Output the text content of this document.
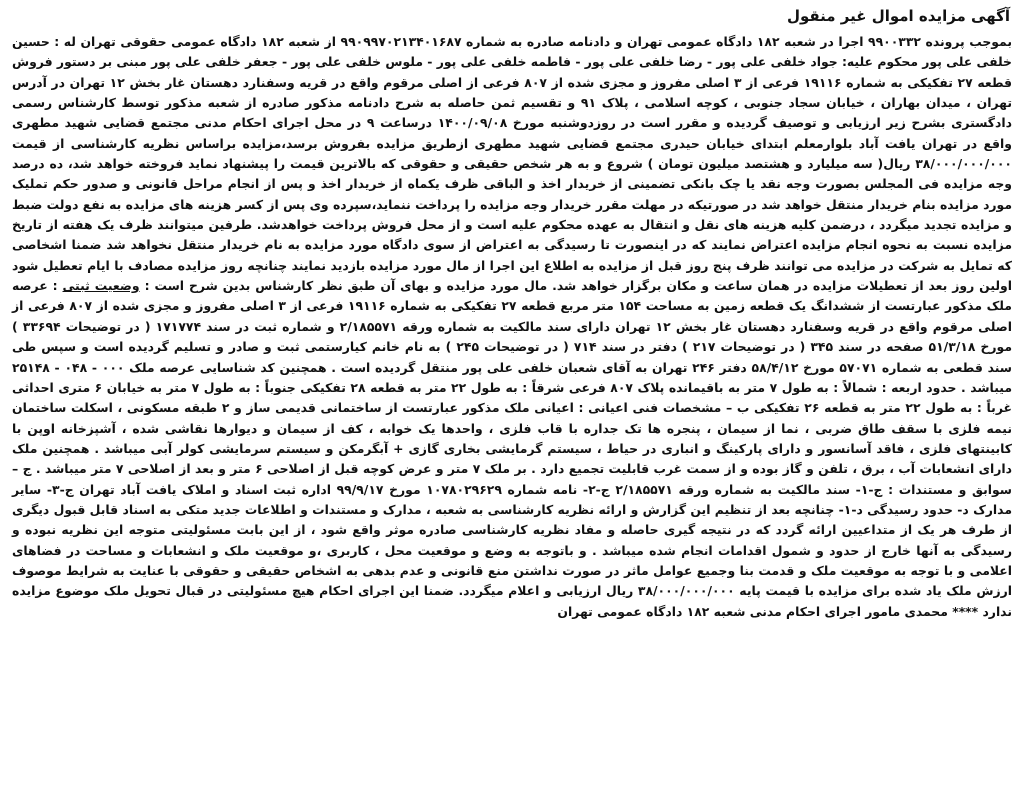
آگهی مزایده اموال غیر منقول

بموجب پرونده ۹۹۰۰۳۳۲ اجرا در شعبه ۱۸۲ دادگاه عمومی تهران و دادنامه صادره به شماره ۹۹۰۹۹۷۰۲۱۳۴۰۱۶۸۷ از شعبه ۱۸۲ دادگاه عمومی حقوقی تهران له : حسین خلفی علی پور محکوم علیه: جواد خلفی علی پور - رضا خلفی علی پور - فاطمه خلفی علی پور - ملوس خلفی علی پور - جعفر خلفی علی پور مبنی بر دستور فروش قطعه ۲۷ تفکیکی به شماره ۱۹۱۱۶ فرعی از ۳ اصلی مفروز و مجزی شده از ۸۰۷ فرعی از اصلی مرقوم واقع در قریه وسفنارد دهستان غار بخش ۱۲ تهران در آدرس تهران ، میدان بهاران ، خیابان سجاد جنوبی ، کوچه اسلامی ، پلاک ۹۱ و تقسیم ثمن حاصله به شرح دادنامه مذکور صادره از شعبه مذکور توسط کارشناس رسمی دادگستری بشرح زیر ارزیابی و توصیف گردیده و مقرر است در روزدوشنبه مورخ ۱۴۰۰/۰۹/۰۸ درساعت ۹ در محل اجرای احکام مدنی مجتمع قضایی شهید مطهری واقع در تهران یافت آباد بلوارمعلم ابتدای خیابان حیدری مجتمع قضایی شهید مطهری ازطریق مزایده بفروش برسد،مزایده براساس نظریه کارشناسی از قیمت ۳۸/۰۰۰/۰۰۰/۰۰۰ ریال( سه میلیارد و هشتصد میلیون تومان ) شروع و به هر شخص حقیقی و حقوقی که بالاترین قیمت را پیشنهاد نماید فروخته خواهد شد، ده درصد وجه مزایده فی المجلس بصورت وجه نقد یا چک بانکی تضمینی از خریدار اخذ و الباقی ظرف یکماه از خریدار اخذ و پس از انجام مراحل قانونی و صدور حکم تملیک مورد مزایده بنام خریدار منتقل خواهد شد در صورتیکه در مهلت مقرر خریدار وجه مزایده را پرداخت ننماید،سپرده وی پس از کسر هزینه های مزایده به نفع دولت ضبط و مزایده تجدید میگردد ، درضمن کلیه هزینه های نقل و انتقال به عهده محکوم علیه است و از محل فروش پرداخت خواهدشد. طرفین میتوانند ظرف یک هفته از تاریخ مزایده نسبت به نحوه انجام مزایده اعتراض نمایند که در اینصورت تا رسیدگی به اعتراض از سوی دادگاه مورد مزایده به نام خریدار منتقل نخواهد شد ضمنا اشخاصی که تمایل به شرکت در مزایده می توانند ظرف پنج روز قبل از مزایده به اطلاع این اجرا از مال مورد مزایده بازدید نمایند چنانچه روز مزایده مصادف با ایام تعطیل شود اولین روز بعد از تعطیلات مزایده در همان ساعت و مکان برگزار خواهد شد. مال مورد مزایده و بهای آن طبق نظر کارشناس بدین شرح است : وضعیت ثبتی : عرصه ملک مذکور عبارتست از ششدانگ یک قطعه زمین به مساحت ۱۵۴ متر مربع قطعه ۲۷ تفکیکی به شماره ۱۹۱۱۶ فرعی از ۳ اصلی مفروز و مجزی شده از ۸۰۷ فرعی از اصلی مرقوم واقع در قریه وسفنارد دهستان غار بخش ۱۲ تهران دارای سند مالکیت به شماره ورقه ۲/۱۸۵۵۷۱ و شماره ثبت در سند ۱۷۱۷۷۴ ( در توضیحات ۳۳۶۹۴ ) مورخ ۵۱/۳/۱۸ صفحه در سند ۳۴۵ ( در توضیحات ۲۱۷ ) دفتر در سند ۷۱۴ ( در توضیحات ۲۴۵ ) به نام خانم کیارستمی ثبت و صادر و تسلیم گردیده است و سپس طی سند قطعی به شماره ۵۷۰۷۱ مورخ ۵۸/۴/۱۲ دفتر ۲۴۶ تهران به آقای شعبان خلفی علی پور منتقل گردیده است . همچنین کد شناسایی عرصه ملک ۰۰۰ - ۰۴۸ - ۲۵۱۴۸ میباشد . حدود اربعه : شمالاً : به طول ۷ متر به باقیمانده پلاک ۸۰۷ فرعی شرقاً : به طول ۲۲ متر به قطعه ۲۸ تفکیکی جنوباً : به طول ۷ متر به خیابان ۶ متری احداثی غرباً : به طول ۲۲ متر به قطعه ۲۶ تفکیکی ب – مشخصات فنی اعیانی : اعیانی ملک مذکور عبارتست از ساختمانی قدیمی ساز و ۲ طبقه مسکونی ، اسکلت ساختمان نیمه فلزی با سقف طاق ضربی ، نما از سیمان ، پنجره ها تک جداره با قاب فلزی ، واحدها یک خوابه ، کف از سیمان و دیوارها نقاشی شده ، آشپزخانه اوپن با کابینتهای فلزی ، فاقد آسانسور و دارای پارکینگ و انباری در حیاط ، سیستم گرمایشی بخاری گازی + آبگرمکن و سیستم سرمایشی کولر آبی میباشد . همچنین ملک دارای انشعابات آب ، برق ، تلفن و گاز بوده و از سمت غرب قابلیت تجمیع دارد . بر ملک ۷ متر و عرض کوچه قبل از اصلاحی ۶ متر و بعد از اصلاحی ۷ متر میباشد . ج – سوابق و مستندات : ج-۱- سند مالکیت به شماره ورقه ۲/۱۸۵۵۷۱ ج-۲- نامه شماره ۱۰۷۸۰۲۹۶۲۹ مورخ ۹۹/۹/۱۷ اداره ثبت اسناد و املاک یافت آباد تهران ج-۳- سایر مدارک د- حدود رسیدگی د-۱- چنانچه بعد از تنظیم این گزارش و ارائه نظریه کارشناسی به شعبه ، مدارک و مستندات و اطلاعات جدید متکی به اسناد قابل قبول دیگری از طرف هر یک از متداعیین ارائه گردد که در نتیجه گیری حاصله و مفاد نظریه کارشناسی صادره موثر واقع شود ، از این بابت مسئولیتی متوجه این نظریه نبوده و رسیدگی به آنها خارج از حدود و شمول اقدامات انجام شده میباشد . و باتوجه به وضع و موقعیت محل ، کاربری ،و موقعیت ملک و انشعابات و مساحت در فضاهای اعلامی و با توجه به موقعیت ملک و قدمت بنا وجمیع عوامل ماثر در صورت نداشتن منع قانونی و عدم بدهی به اشخاص حقیقی و حقوقی با عنایت به شرایط موصوف ارزش ملک یاد شده برای مزایده با قیمت پایه ۳۸/۰۰۰/۰۰۰/۰۰۰ ریال ارزیابی و اعلام میگردد. ضمنا این اجرای احکام هیچ مسئولیتی در قبال تحویل ملک موضوع مزایده ندارد **** محمدی مامور اجرای احکام مدنی شعبه ۱۸۲ دادگاه عمومی تهران
